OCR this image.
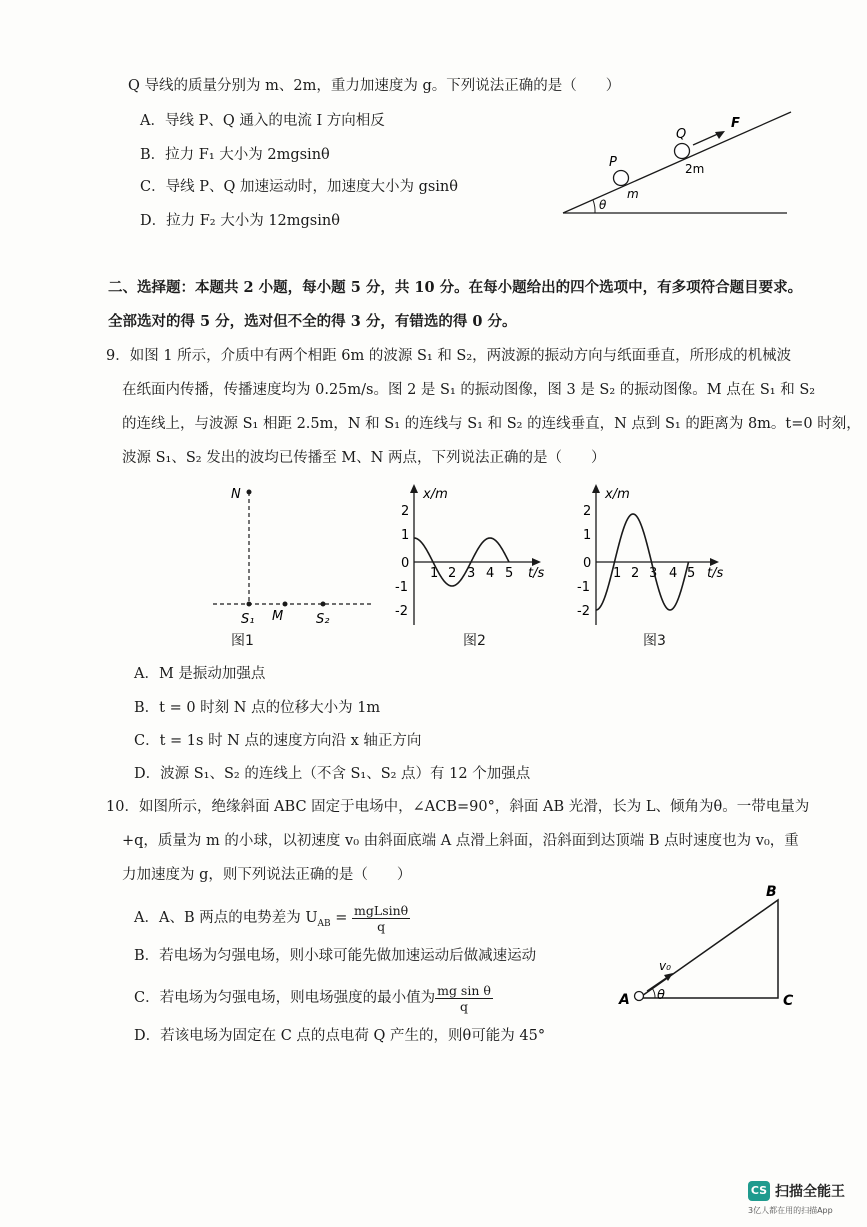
Q 导线的质量分别为 m、2m，重力加速度为 g。下列说法正确的是（　　）
A．导线 P、Q 通入的电流 I 方向相反
B．拉力 F₁ 大小为 2mgsinθ
C．导线 P、Q 加速运动时，加速度大小为 gsinθ
D．拉力 F₂ 大小为 12mgsinθ
Q
F
P	2m
m
θ
二、选择题：本题共 2 小题，每小题 5 分，共 10 分。在每小题给出的四个选项中，有多项符合题目要求。
全部选对的得 5 分，选对但不全的得 3 分，有错选的得 0 分。
9．如图 1 所示，介质中有两个相距 6m 的波源 S₁ 和 S₂，两波源的振动方向与纸面垂直，所形成的机械波
在纸面内传播，传播速度均为 0.25m/s。图 2 是 S₁ 的振动图像，图 3 是 S₂ 的振动图像。M 点在 S₁ 和 S₂
的连线上，与波源 S₁ 相距 2.5m，N 和 S₁ 的连线与 S₁ 和 S₂ 的连线垂直，N 点到 S₁ 的距离为 8m。t=0 时刻，
波源 S₁、S₂ 发出的波均已传播至 M、N 两点，下列说法正确的是（　　）
N
S₁ M	S₂
图1
x/m
t/s
2
1
0
-1
-2
1 2 3 4 5
图2
x/m
t/s
2
1
0
-1
-2
1 2 3 4 5
图3
A．M 是振动加强点
B．t = 0 时刻 N 点的位移大小为 1m
C．t = 1s 时 N 点的速度方向沿 x 轴正方向
D．波源 S₁、S₂ 的连线上（不含 S₁、S₂ 点）有 12 个加强点
10．如图所示，绝缘斜面 ABC 固定于电场中，∠ACB=90°，斜面 AB 光滑，长为 L、倾角为θ。一带电量为
+q，质量为 m 的小球，以初速度 v₀ 由斜面底端 A 点滑上斜面，沿斜面到达顶端 B 点时速度也为 v₀，重
力加速度为 g，则下列说法正确的是（　　）
A．A、B 两点的电势差为 $U_{AB} = \frac{\text{mgLsinθ}}{q}$
B．若电场为匀强电场，则小球可能先做加速运动后做减速运动
C．若电场为匀强电场，则电场强度的最小值为 $\frac{\text{mg sin θ}}{q}$
D．若该电场为固定在 C 点的点电荷 Q 产生的，则θ可能为 45°
A
B
C
v₀
θ
CS 扫描全能王
3亿人都在用的扫描App
